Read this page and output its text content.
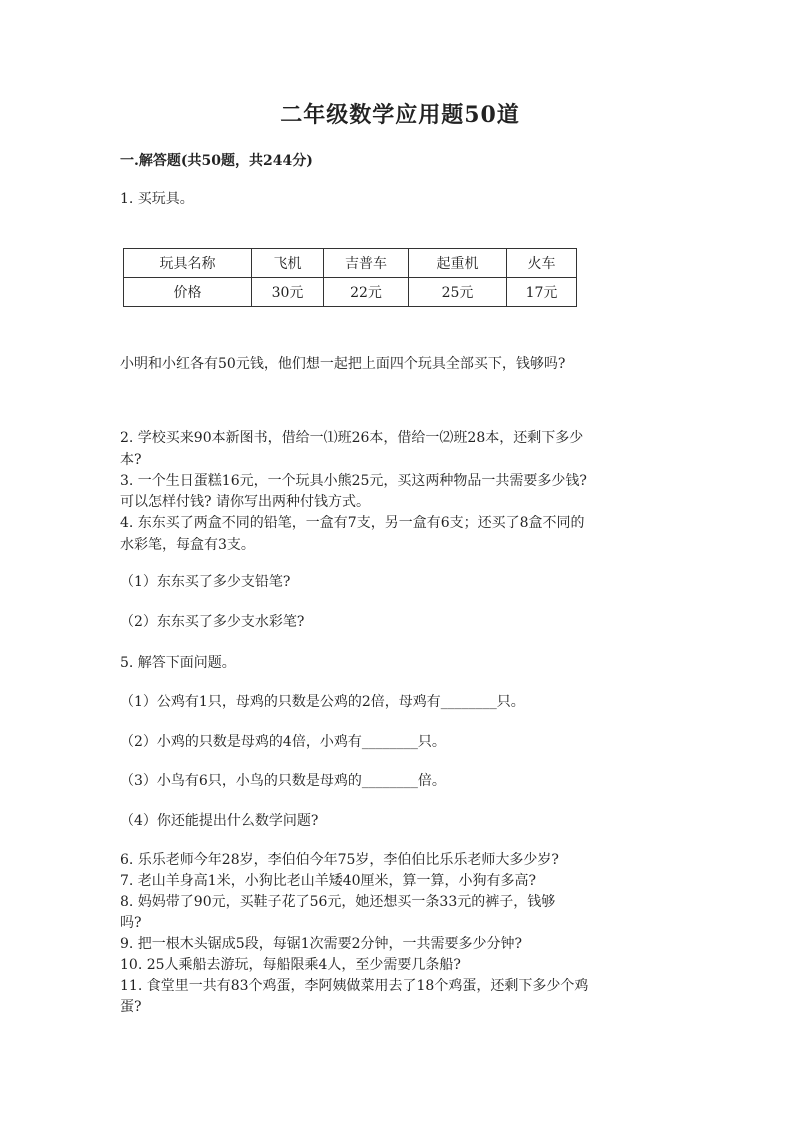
二年级数学应用题50道
一.解答题(共50题，共244分)
1. 买玩具。
玩具名称	飞机	吉普车	起重机	火车
价格	30元	22元	25元	17元
小明和小红各有50元钱，他们想一起把上面四个玩具全部买下，钱够吗?
2. 学校买来90本新图书，借给一⑴班26本，借给一⑵班28本，还剩下多少
本?
3. 一个生日蛋糕16元，一个玩具小熊25元，买这两种物品一共需要多少钱?
可以怎样付钱? 请你写出两种付钱方式。
4. 东东买了两盒不同的铅笔，一盒有7支，另一盒有6支；还买了8盒不同的
水彩笔，每盒有3支。
（1）东东买了多少支铅笔?
（2）东东买了多少支水彩笔?
5. 解答下面问题。
（1）公鸡有1只，母鸡的只数是公鸡的2倍，母鸡有________只。
（2）小鸡的只数是母鸡的4倍，小鸡有________只。
（3）小鸟有6只，小鸟的只数是母鸡的________倍。
（4）你还能提出什么数学问题?
6. 乐乐老师今年28岁，李伯伯今年75岁，李伯伯比乐乐老师大多少岁?
7. 老山羊身高1米，小狗比老山羊矮40厘米，算一算，小狗有多高?
8. 妈妈带了90元，买鞋子花了56元，她还想买一条33元的裤子，钱够
吗?
9. 把一根木头锯成5段，每锯1次需要2分钟，一共需要多少分钟?
10. 25人乘船去游玩，每船限乘4人，至少需要几条船?
11. 食堂里一共有83个鸡蛋，李阿姨做菜用去了18个鸡蛋，还剩下多少个鸡
蛋?
